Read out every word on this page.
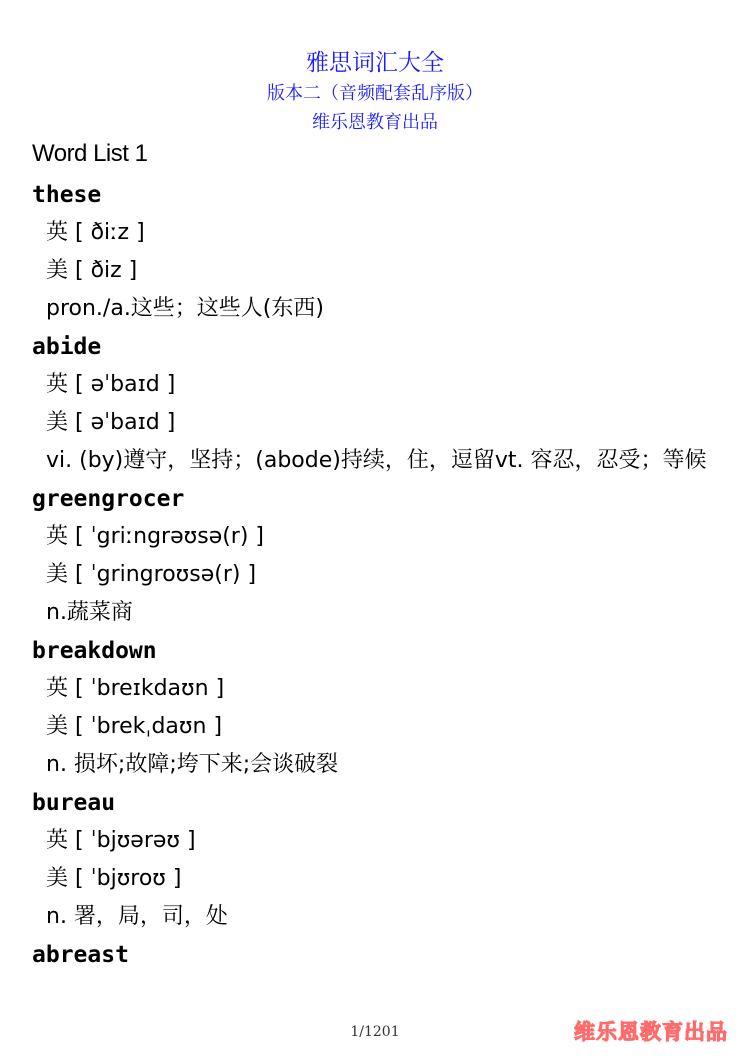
雅思词汇大全
版本二（音频配套乱序版）
维乐恩教育出品
Word List 1
these
英 [ ðiːz ]
美 [ ðiz ]
pron./a.这些；这些人(东西)
abide
英 [ əˈbaɪd ]
美 [ əˈbaɪd ]
vi. (by)遵守，坚持；(abode)持续，住，逗留vt. 容忍，忍受；等候
greengrocer
英 [ ˈgriːngrəʊsə(r) ]
美 [ ˈgringroʊsə(r) ]
n.蔬菜商
breakdown
英 [ ˈbreɪkdaʊn ]
美 [ ˈbrekˌdaʊn ]
n. 损坏;故障;垮下来;会谈破裂
bureau
英 [ ˈbjʊərəʊ ]
美 [ ˈbjʊroʊ ]
n. 署，局，司，处
abreast
1/1201	维乐恩教育出品
